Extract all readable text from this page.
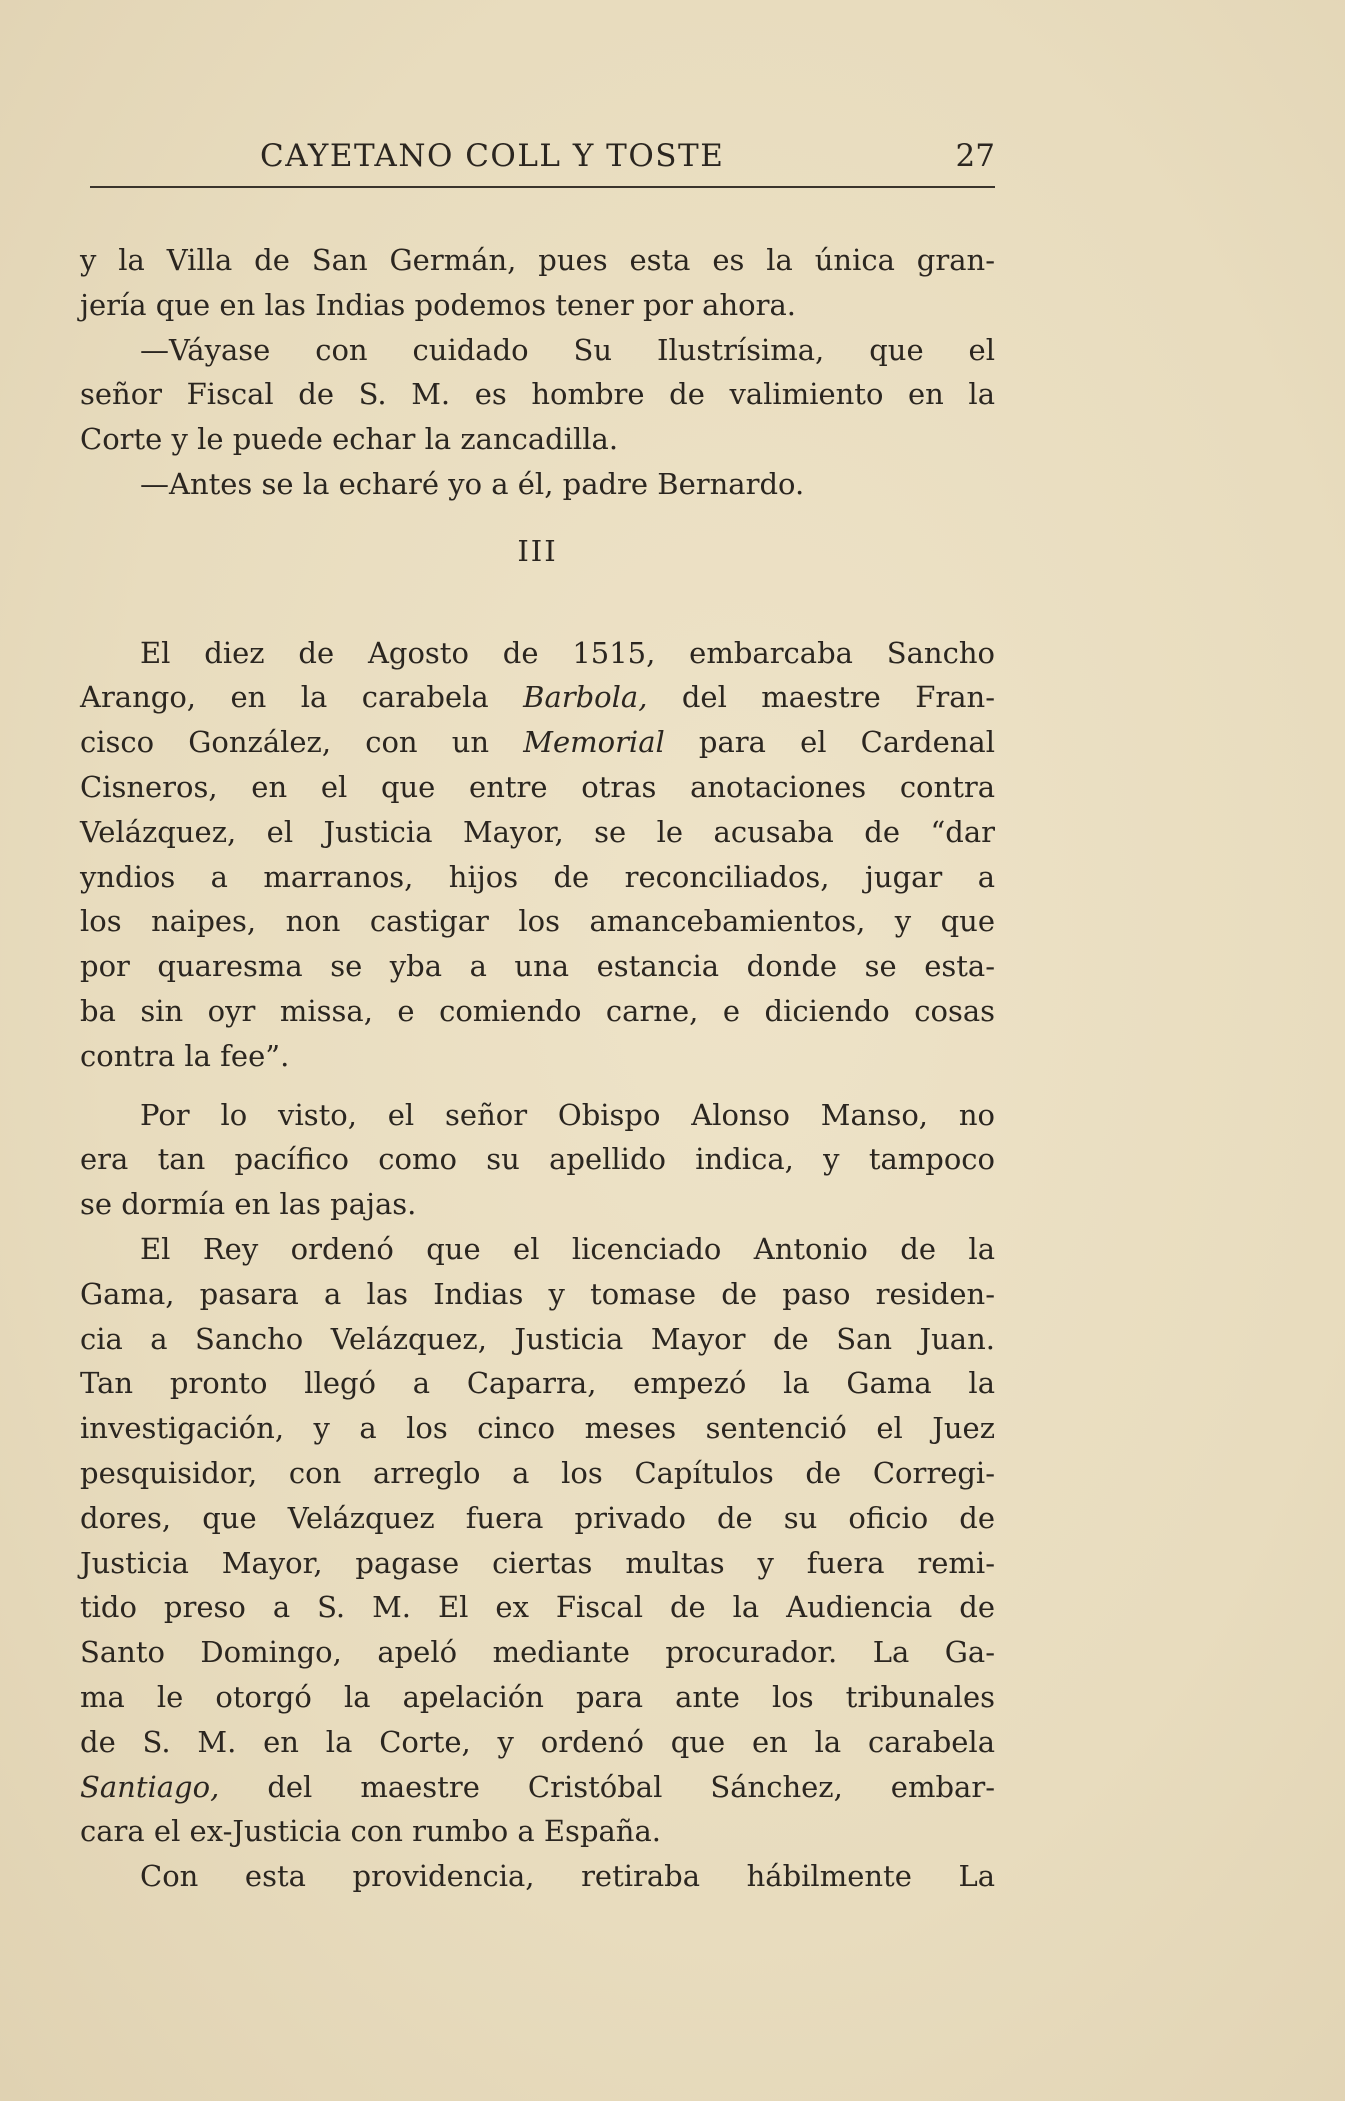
CAYETANO COLL Y TOSTE	27
y la Villa de San Germán, pues esta es la única gran-
jería que en las Indias podemos tener por ahora.
—Váyase con cuidado Su Ilustrísima, que el
señor Fiscal de S. M. es hombre de valimiento en la
Corte y le puede echar la zancadilla.
—Antes se la echaré yo a él, padre Bernardo.
III
El diez de Agosto de 1515, embarcaba Sancho
Arango, en la carabela Barbola, del maestre Fran-
cisco González, con un Memorial para el Cardenal
Cisneros, en el que entre otras anotaciones contra
Velázquez, el Justicia Mayor, se le acusaba de “dar
yndios a marranos, hijos de reconciliados, jugar a
los naipes, non castigar los amancebamientos, y que
por quaresma se yba a una estancia donde se esta-
ba sin oyr missa, e comiendo carne, e diciendo cosas
contra la fee”.
Por lo visto, el señor Obispo Alonso Manso, no
era tan pacífico como su apellido indica, y tampoco
se dormía en las pajas.
El Rey ordenó que el licenciado Antonio de la
Gama, pasara a las Indias y tomase de paso residen-
cia a Sancho Velázquez, Justicia Mayor de San Juan.
Tan pronto llegó a Caparra, empezó la Gama la
investigación, y a los cinco meses sentenció el Juez
pesquisidor, con arreglo a los Capítulos de Corregi-
dores, que Velázquez fuera privado de su oficio de
Justicia Mayor, pagase ciertas multas y fuera remi-
tido preso a S. M. El ex Fiscal de la Audiencia de
Santo Domingo, apeló mediante procurador. La Ga-
ma le otorgó la apelación para ante los tribunales
de S. M. en la Corte, y ordenó que en la carabela
Santiago, del maestre Cristóbal Sánchez, embar-
cara el ex-Justicia con rumbo a España.
Con esta providencia, retiraba hábilmente La
